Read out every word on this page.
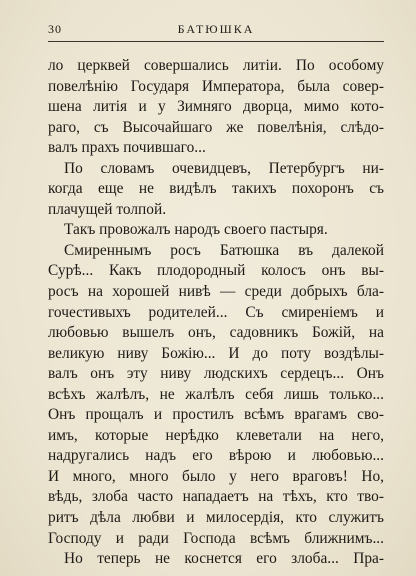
30	БАТЮШКА
ло церквей совершались литіи. По особому
повелѣнію Государя Императора, была совер-
шена литія и у Зимняго дворца, мимо кото-
раго, съ Высочайшаго же повелѣнія, слѣдо-
валъ прахъ почившаго...
По словамъ очевидцевъ, Петербургъ ни-
когда еще не видѣлъ такихъ похоронъ съ
плачущей толпой.
Такъ провожалъ народъ своего пастыря.
Смиреннымъ росъ Батюшка въ далекой
Сурѣ... Какъ плодородный колосъ онъ вы-
росъ на хорошей нивѣ — среди добрыхъ бла-
гочестивыхъ родителей... Съ смиреніемъ и
любовью вышелъ онъ, садовникъ Божій, на
великую ниву Божію... И до поту воздѣлы-
валъ онъ эту ниву людскихъ сердецъ... Онъ
всѣхъ жалѣлъ, не жалѣлъ себя лишь только...
Онъ прощалъ и простилъ всѣмъ врагамъ сво-
имъ, которые нерѣдко клеветали на него,
надругались надъ его вѣрою и любовью...
И много, много было у него враговъ! Но,
вѣдь, злоба часто нападаетъ на тѣхъ, кто тво-
ритъ дѣла любви и милосердія, кто служитъ
Господу и ради Господа всѣмъ ближнимъ...
Но теперь не коснется его злоба... Пра-
